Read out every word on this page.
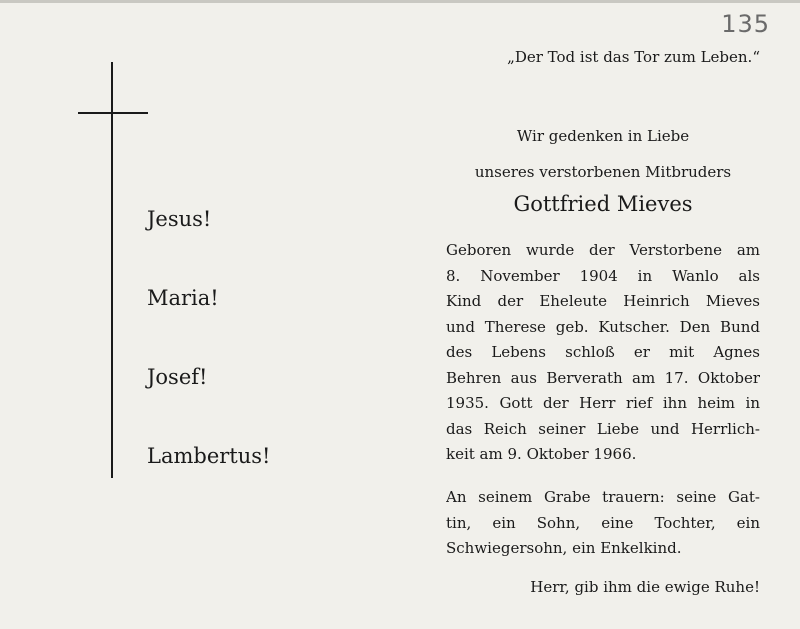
135
Jesus!
Maria!
Josef!
Lambertus!
„Der Tod ist das Tor zum Leben.“
Wir gedenken in Liebe
unseres verstorbenen Mitbruders
Gottfried Mieves
Geboren wurde der Verstorbene am
8. November 1904 in Wanlo als
Kind der Eheleute Heinrich Mieves
und Therese geb. Kutscher. Den Bund
des Lebens schloß er mit Agnes
Behren aus Berverath am 17. Oktober
1935. Gott der Herr rief ihn heim in
das Reich seiner Liebe und Herrlich-
keit am 9. Oktober 1966.
An seinem Grabe trauern: seine Gat-
tin, ein Sohn, eine Tochter, ein
Schwiegersohn, ein Enkelkind.
Herr, gib ihm die ewige Ruhe!
